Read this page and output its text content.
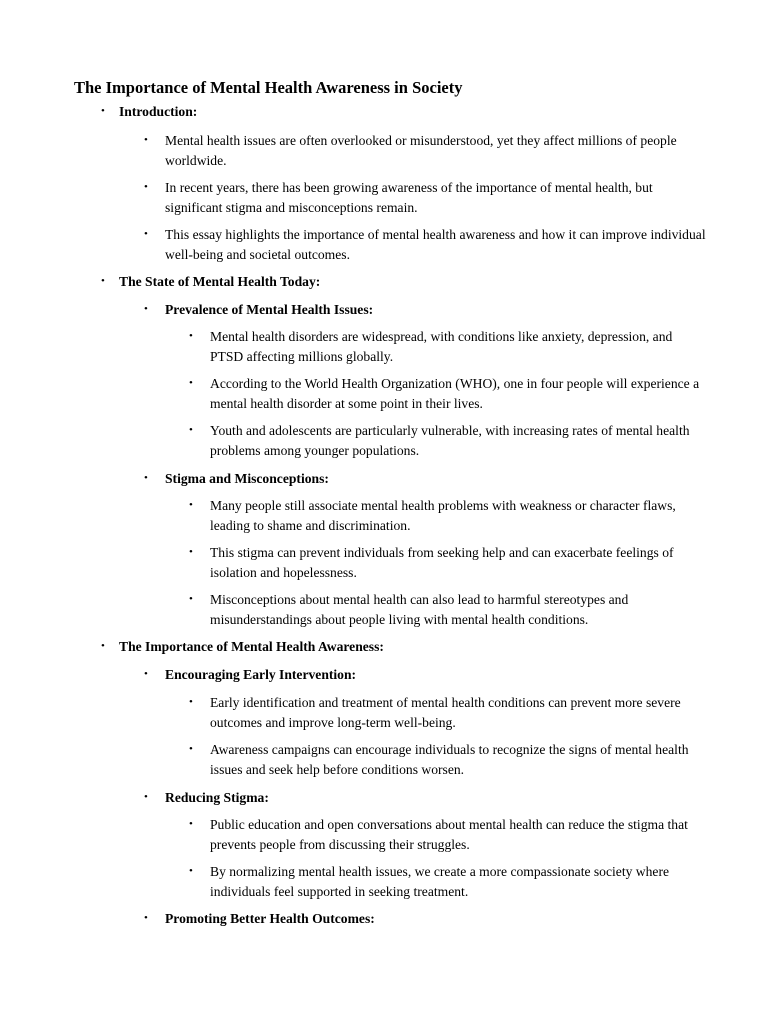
The Importance of Mental Health Awareness in Society
• Introduction:
• Mental health issues are often overlooked or misunderstood, yet they affect millions of people worldwide.
• In recent years, there has been growing awareness of the importance of mental health, but significant stigma and misconceptions remain.
• This essay highlights the importance of mental health awareness and how it can improve individual well-being and societal outcomes.
• The State of Mental Health Today:
• Prevalence of Mental Health Issues:
• Mental health disorders are widespread, with conditions like anxiety, depression, and PTSD affecting millions globally.
• According to the World Health Organization (WHO), one in four people will experience a mental health disorder at some point in their lives.
• Youth and adolescents are particularly vulnerable, with increasing rates of mental health problems among younger populations.
• Stigma and Misconceptions:
• Many people still associate mental health problems with weakness or character flaws, leading to shame and discrimination.
• This stigma can prevent individuals from seeking help and can exacerbate feelings of isolation and hopelessness.
• Misconceptions about mental health can also lead to harmful stereotypes and misunderstandings about people living with mental health conditions.
• The Importance of Mental Health Awareness:
• Encouraging Early Intervention:
• Early identification and treatment of mental health conditions can prevent more severe outcomes and improve long-term well-being.
• Awareness campaigns can encourage individuals to recognize the signs of mental health issues and seek help before conditions worsen.
• Reducing Stigma:
• Public education and open conversations about mental health can reduce the stigma that prevents people from discussing their struggles.
• By normalizing mental health issues, we create a more compassionate society where individuals feel supported in seeking treatment.
• Promoting Better Health Outcomes:
